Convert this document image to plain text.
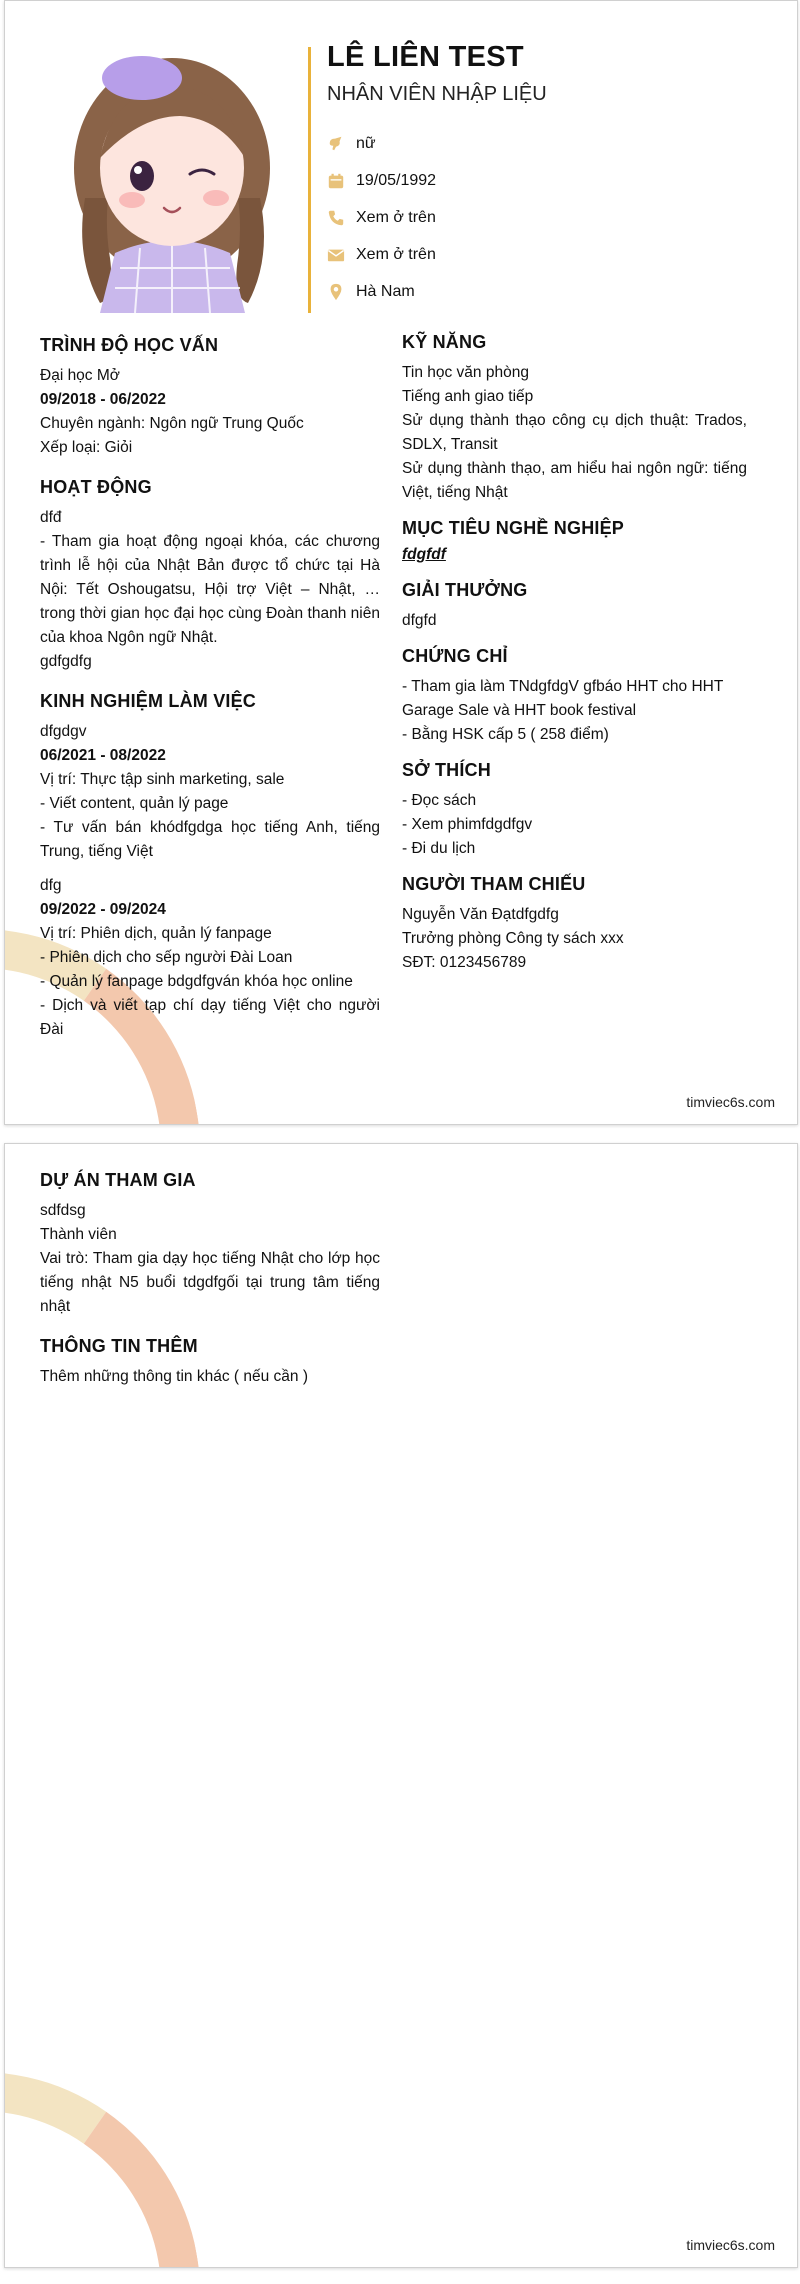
LÊ LIÊN TEST
NHÂN VIÊN NHẬP LIỆU
nữ
19/05/1992
Xem ở trên
Xem ở trên
Hà Nam
TRÌNH ĐỘ HỌC VẤN

Đại học Mở

09/2018 - 06/2022

Chuyên ngành: Ngôn ngữ Trung Quốc

Xếp loại: Giỏi

HOẠT ĐỘNG

dfđ

- Tham gia hoạt động ngoại khóa, các chương trình lễ hội của Nhật Bản được tổ chức tại Hà Nội: Tết Oshougatsu, Hội trợ Việt – Nhật, … trong thời gian học đại học cùng Đoàn thanh niên của khoa Ngôn ngữ Nhật.

gdfgdfg

KINH NGHIỆM LÀM VIỆC

dfgdgv

06/2021 - 08/2022

Vị trí: Thực tập sinh marketing, sale

- Viết content, quản lý page

- Tư vấn bán khódfgdga học tiếng Anh, tiếng Trung, tiếng Việt

dfg

09/2022 - 09/2024

Vị trí: Phiên dịch, quản lý fanpage

- Phiên dịch cho sếp người Đài Loan

- Quản lý fanpage bdgdfgván khóa học online

- Dịch và viết tạp chí dạy tiếng Việt cho người Đài

KỸ NĂNG

Tin học văn phòng

Tiếng anh giao tiếp

Sử dụng thành thạo công cụ dịch thuật: Trados, SDLX, Transit

Sử dụng thành thạo, am hiểu hai ngôn ngữ: tiếng Việt, tiếng Nhật

MỤC TIÊU NGHỀ NGHIỆP

fdgfdf

GIẢI THƯỞNG

dfgfd

CHỨNG CHỈ

- Tham gia làm TNdgfdgV gfbáo HHT cho HHT Garage Sale và HHT book festival

- Bằng HSK cấp 5 ( 258 điểm)

SỞ THÍCH

- Đọc sách

- Xem phimfdgdfgv

- Đi du lịch

NGƯỜI THAM CHIẾU

Nguyễn Văn Đạtdfgdfg

Trưởng phòng Công ty sách xxx

SĐT: 0123456789

timviec6s.com
DỰ ÁN THAM GIA

sdfdsg

Thành viên

Vai trò: Tham gia dạy học tiếng Nhật cho lớp học tiếng nhật N5 buổi tdgdfgối tại trung tâm tiếng nhật

THÔNG TIN THÊM

Thêm những thông tin khác ( nếu cần )

timviec6s.com
